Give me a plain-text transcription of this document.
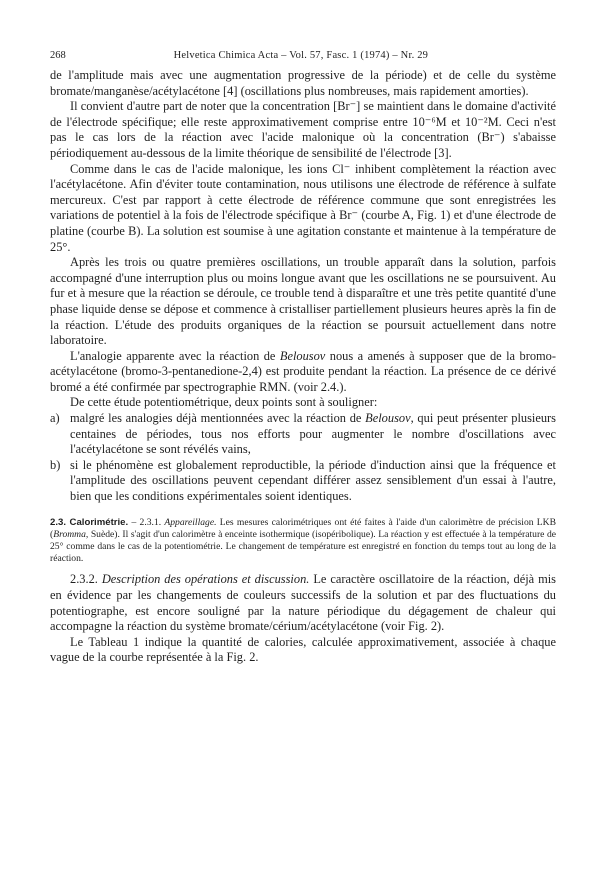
268	Helvetica Chimica Acta – Vol. 57, Fasc. 1 (1974) – Nr. 29

de l'amplitude mais avec une augmentation progressive de la période) et de celle du système bromate/manganèse/acétylacétone [4] (oscillations plus nombreuses, mais rapidement amorties).

Il convient d'autre part de noter que la concentration [Br⁻] se maintient dans le domaine d'activité de l'électrode spécifique; elle reste approximativement comprise entre 10⁻⁶M et 10⁻²M. Ceci n'est pas le cas lors de la réaction avec l'acide malonique où la concentration (Br⁻) s'abaisse périodiquement au-dessous de la limite théorique de sensibilité de l'électrode [3].

Comme dans le cas de l'acide malonique, les ions Cl⁻ inhibent complètement la réaction avec l'acétylacétone. Afin d'éviter toute contamination, nous utilisons une électrode de référence à sulfate mercureux. C'est par rapport à cette électrode de référence commune que sont enregistrées les variations de potentiel à la fois de l'électrode spécifique à Br⁻ (courbe A, Fig. 1) et d'une électrode de platine (courbe B). La solution est soumise à une agitation constante et maintenue à la température de 25°.

Après les trois ou quatre premières oscillations, un trouble apparaît dans la solution, parfois accompagné d'une interruption plus ou moins longue avant que les oscillations ne se poursuivent. Au fur et à mesure que la réaction se déroule, ce trouble tend à disparaître et une très petite quantité d'une phase liquide dense se dépose et commence à cristalliser partiellement plusieurs heures après la fin de la réaction. L'étude des produits organiques de la réaction se poursuit actuellement dans notre laboratoire.

L'analogie apparente avec la réaction de Belousov nous a amenés à supposer que de la bromo-acétylacétone (bromo-3-pentanedione-2,4) est produite pendant la réaction. La présence de ce dérivé bromé a été confirmée par spectrographie RMN. (voir 2.4.).

De cette étude potentiométrique, deux points sont à souligner:

a) malgré les analogies déjà mentionnées avec la réaction de Belousov, qui peut présenter plusieurs centaines de périodes, tous nos efforts pour augmenter le nombre d'oscillations avec l'acétylacétone se sont révélés vains,
b) si le phénomène est globalement reproductible, la période d'induction ainsi que la fréquence et l'amplitude des oscillations peuvent cependant différer assez sensiblement d'un essai à l'autre, bien que les conditions expérimentales soient identiques.

2.3. Calorimétrie. – 2.3.1. Appareillage. Les mesures calorimétriques ont été faites à l'aide d'un calorimètre de précision LKB (Bromma, Suède). Il s'agit d'un calorimètre à enceinte isothermique (isopéribolique). La réaction y est effectuée à la température de 25° comme dans le cas de la potentiométrie. Le changement de température est enregistré en fonction du temps tout au long de la réaction.

2.3.2. Description des opérations et discussion. Le caractère oscillatoire de la réaction, déjà mis en évidence par les changements de couleurs successifs de la solution et par des fluctuations du potentiographe, est encore souligné par la nature périodique du dégagement de chaleur qui accompagne la réaction du système bromate/cérium/acétylacétone (voir Fig. 2).

Le Tableau 1 indique la quantité de calories, calculée approximativement, associée à chaque vague de la courbe représentée à la Fig. 2.
